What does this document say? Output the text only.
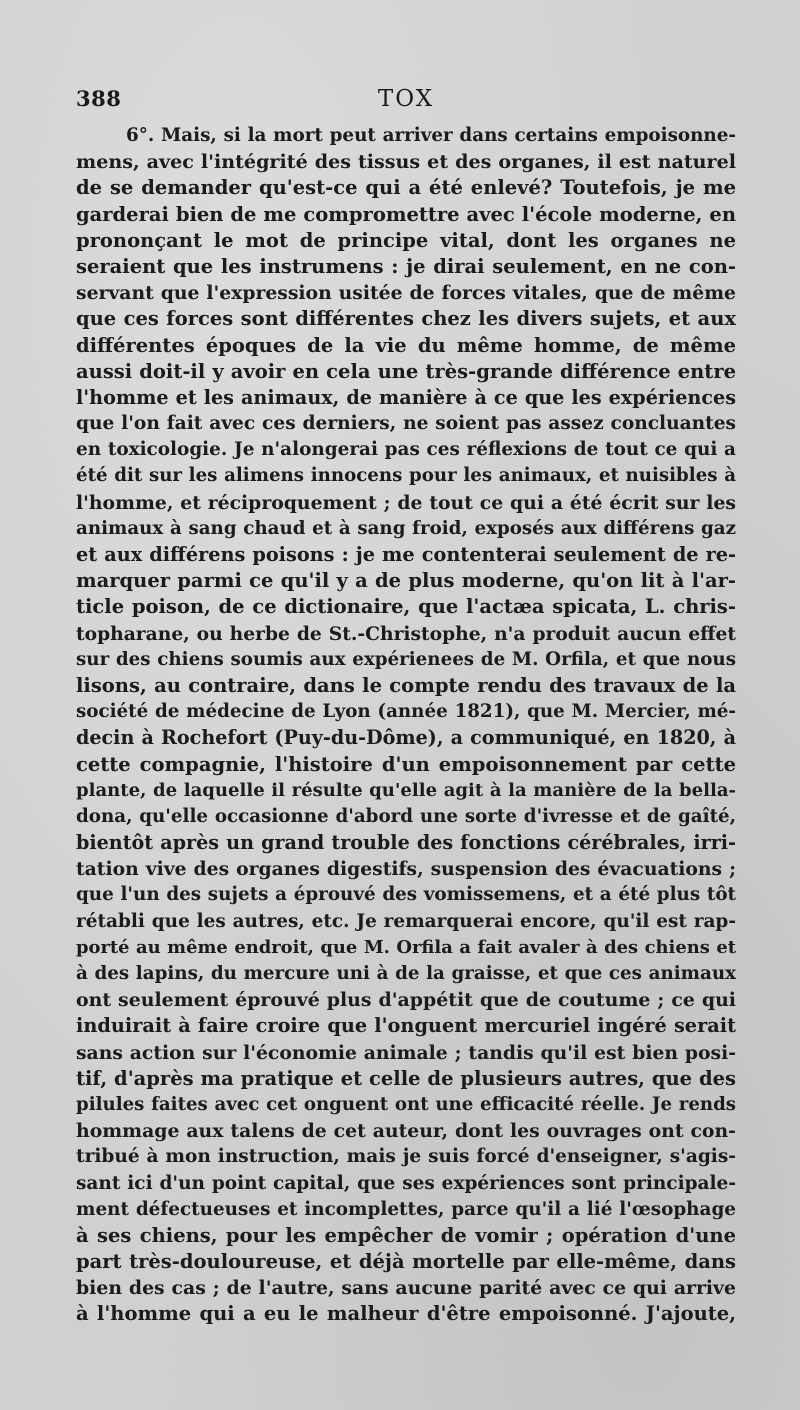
388	TOX
6°. Mais, si la mort peut arriver dans certains empoisonne-
mens, avec l'intégrité des tissus et des organes, il est naturel
de se demander qu'est-ce qui a été enlevé? Toutefois, je me
garderai bien de me compromettre avec l'école moderne, en
prononçant le mot de principe vital, dont les organes ne
seraient que les instrumens : je dirai seulement, en ne con-
servant que l'expression usitée de forces vitales, que de même
que ces forces sont différentes chez les divers sujets, et aux
différentes époques de la vie du même homme, de même
aussi doit-il y avoir en cela une très-grande différence entre
l'homme et les animaux, de manière à ce que les expériences
que l'on fait avec ces derniers, ne soient pas assez concluantes
en toxicologie. Je n'alongerai pas ces réflexions de tout ce qui a
été dit sur les alimens innocens pour les animaux, et nuisibles à
l'homme, et réciproquement ; de tout ce qui a été écrit sur les
animaux à sang chaud et à sang froid, exposés aux différens gaz
et aux différens poisons : je me contenterai seulement de re-
marquer parmi ce qu'il y a de plus moderne, qu'on lit à l'ar-
ticle poison, de ce dictionaire, que l'actæa spicata, L. chris-
topharane, ou herbe de St.-Christophe, n'a produit aucun effet
sur des chiens soumis aux expérienees de M. Orfila, et que nous
lisons, au contraire, dans le compte rendu des travaux de la
société de médecine de Lyon (année 1821), que M. Mercier, mé-
decin à Rochefort (Puy-du-Dôme), a communiqué, en 1820, à
cette compagnie, l'histoire d'un empoisonnement par cette
plante, de laquelle il résulte qu'elle agit à la manière de la bella-
dona, qu'elle occasionne d'abord une sorte d'ivresse et de gaîté,
bientôt après un grand trouble des fonctions cérébrales, irri-
tation vive des organes digestifs, suspension des évacuations ;
que l'un des sujets a éprouvé des vomissemens, et a été plus tôt
rétabli que les autres, etc. Je remarquerai encore, qu'il est rap-
porté au même endroit, que M. Orfila a fait avaler à des chiens et
à des lapins, du mercure uni à de la graisse, et que ces animaux
ont seulement éprouvé plus d'appétit que de coutume ; ce qui
induirait à faire croire que l'onguent mercuriel ingéré serait
sans action sur l'économie animale ; tandis qu'il est bien posi-
tif, d'après ma pratique et celle de plusieurs autres, que des
pilules faites avec cet onguent ont une efficacité réelle. Je rends
hommage aux talens de cet auteur, dont les ouvrages ont con-
tribué à mon instruction, mais je suis forcé d'enseigner, s'agis-
sant ici d'un point capital, que ses expériences sont principale-
ment défectueuses et incomplettes, parce qu'il a lié l'œsophage
à ses chiens, pour les empêcher de vomir ; opération d'une
part très-douloureuse, et déjà mortelle par elle-même, dans
bien des cas ; de l'autre, sans aucune parité avec ce qui arrive
à l'homme qui a eu le malheur d'être empoisonné. J'ajoute,
